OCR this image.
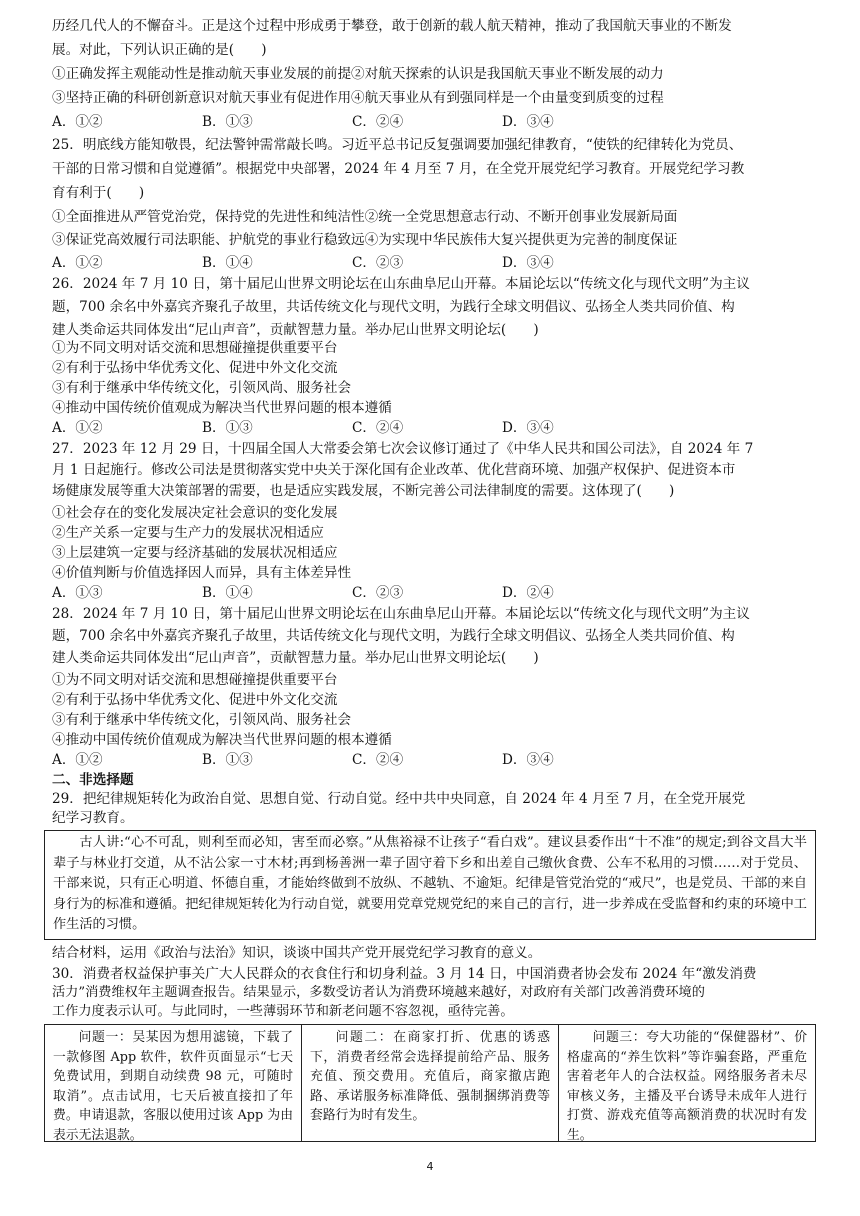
历经几代人的不懈奋斗。正是这个过程中形成勇于攀登，敢于创新的载人航天精神，推动了我国航天事业的不断发
展。对此，下列认识正确的是(　　)
①正确发挥主观能动性是推动航天事业发展的前提②对航天探索的认识是我国航天事业不断发展的动力
③坚持正确的科研创新意识对航天事业有促进作用④航天事业从有到强同样是一个由量变到质变的过程
A．①②	B．①③	C．②④	D．③④
25．明底线方能知敬畏，纪法警钟需常敲长鸣。习近平总书记反复强调要加强纪律教育，“使铁的纪律转化为党员、
干部的日常习惯和自觉遵循”。根据党中央部署，2024 年 4 月至 7 月，在全党开展党纪学习教育。开展党纪学习教
育有利于(　　)
①全面推进从严管党治党，保持党的先进性和纯洁性②统一全党思想意志行动、不断开创事业发展新局面
③保证党高效履行司法职能、护航党的事业行稳致远④为实现中华民族伟大复兴提供更为完善的制度保证
A．①②	B．①④	C．②③	D．③④
26．2024 年 7 月 10 日，第十届尼山世界文明论坛在山东曲阜尼山开幕。本届论坛以“传统文化与现代文明”为主议
题，700 余名中外嘉宾齐聚孔子故里，共话传统文化与现代文明，为践行全球文明倡议、弘扬全人类共同价值、构
建人类命运共同体发出“尼山声音”，贡献智慧力量。举办尼山世界文明论坛(　　)
①为不同文明对话交流和思想碰撞提供重要平台
②有利于弘扬中华优秀文化、促进中外文化交流
③有利于继承中华传统文化，引领风尚、服务社会
④推动中国传统价值观成为解决当代世界问题的根本遵循
A．①②	B．①③	C．②④	D．③④
27．2023 年 12 月 29 日，十四届全国人大常委会第七次会议修订通过了《中华人民共和国公司法》，自 2024 年 7
月 1 日起施行。修改公司法是贯彻落实党中央关于深化国有企业改革、优化营商环境、加强产权保护、促进资本市
场健康发展等重大决策部署的需要，也是适应实践发展，不断完善公司法律制度的需要。这体现了(　　)
①社会存在的变化发展决定社会意识的变化发展
②生产关系一定要与生产力的发展状况相适应
③上层建筑一定要与经济基础的发展状况相适应
④价值判断与价值选择因人而异，具有主体差异性
A．①③	B．①④	C．②③	D．②④
28．2024 年 7 月 10 日，第十届尼山世界文明论坛在山东曲阜尼山开幕。本届论坛以“传统文化与现代文明”为主议
题，700 余名中外嘉宾齐聚孔子故里，共话传统文化与现代文明，为践行全球文明倡议、弘扬全人类共同价值、构
建人类命运共同体发出“尼山声音”，贡献智慧力量。举办尼山世界文明论坛(　　)
①为不同文明对话交流和思想碰撞提供重要平台
②有利于弘扬中华优秀文化、促进中外文化交流
③有利于继承中华传统文化，引领风尚、服务社会
④推动中国传统价值观成为解决当代世界问题的根本遵循
A．①②	B．①③	C．②④	D．③④
二、非选择题
29．把纪律规矩转化为政治自觉、思想自觉、行动自觉。经中共中央同意，自 2024 年 4 月至 7 月，在全党开展党
纪学习教育。

古人讲:“心不可乱，则利至而必知，害至而必察。”从焦裕禄不让孩子“看白戏”。建议县委作出“十不准”的规定;到谷文昌大半辈子与林业打交道，从不沾公家一寸木材;再到杨善洲一辈子固守着下乡和出差自己缴伙食费、公车不私用的习惯……对于党员、干部来说，只有正心明道、怀德自重，才能始终做到不放纵、不越轨、不逾矩。纪律是管党治党的“戒尺”，也是党员、干部的来自身行为的标准和遵循。把纪律规矩转化为行动自觉，就要用党章党规党纪的来自己的言行，进一步养成在受监督和约束的环境中工作生活的习惯。

结合材料，运用《政治与法治》知识，谈谈中国共产党开展党纪学习教育的意义。
30．消费者权益保护事关广大人民群众的衣食住行和切身利益。3 月 14 日，中国消费者协会发布 2024 年“激发消费
活力”消费维权年主题调查报告。结果显示，多数受访者认为消费环境越来越好，对政府有关部门改善消费环境的
工作力度表示认可。与此同时，一些薄弱环节和新老问题不容忽视，亟待完善。
问题一：吴某因为想用滤镜，下载了一款修图 App 软件，软件页面显示“七天免费试用，到期自动续费 98 元，可随时取消”。点击试用，七天后被直接扣了年费。申请退款，客服以使用过该 App 为由表示无法退款。
问题二：在商家打折、优惠的诱惑下，消费者经常会选择提前给产品、服务充值、预交费用。充值后，商家撤店跑路、承诺服务标准降低、强制捆绑消费等套路行为时有发生。
问题三：夸大功能的“保健器材”、价格虚高的“养生饮料”等诈骗套路，严重危害着老年人的合法权益。网络服务者未尽审核义务，主播及平台诱导未成年人进行打赏、游戏充值等高额消费的状况时有发生。
4
